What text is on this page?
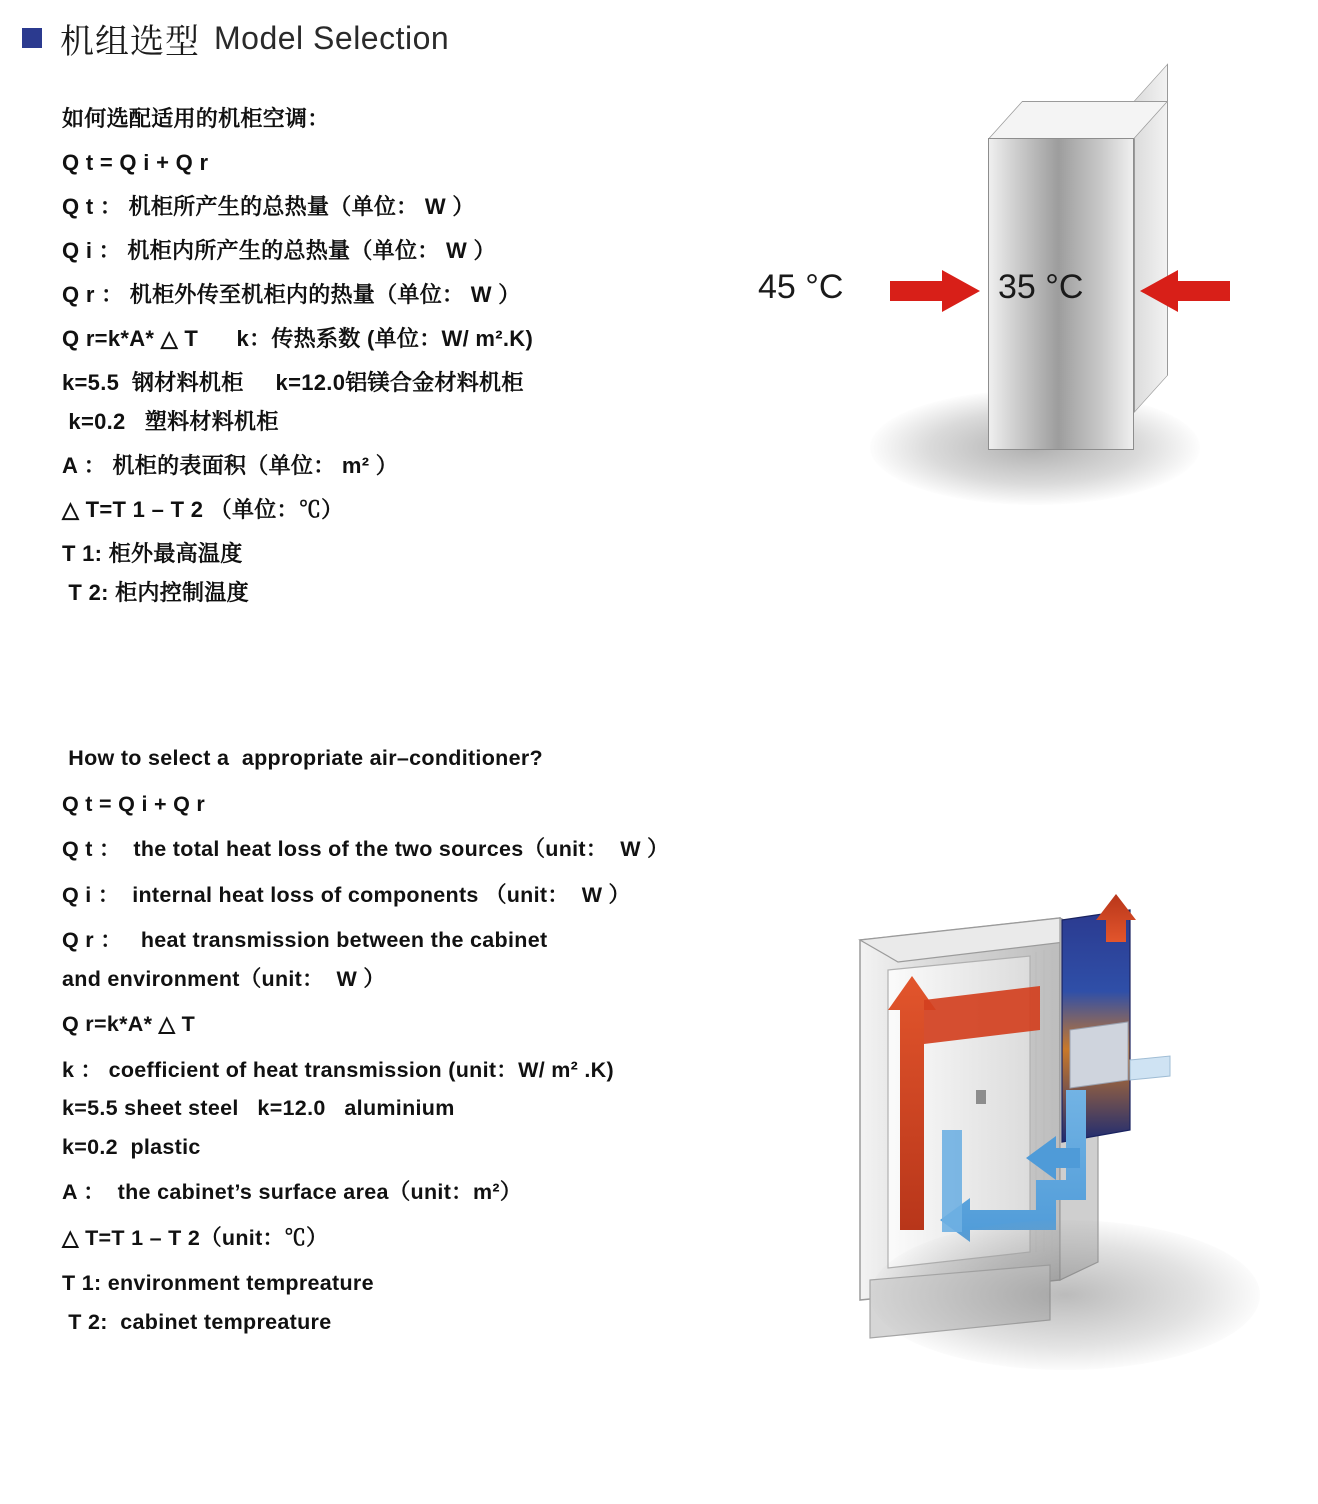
机组选型 Model Selection
如何选配适用的机柜空调：
Q t = Q i + Q r
Q t ： 机柜所产生的总热量（单位： W ）
Q i ： 机柜内所产生的总热量（单位： W ）
Q r ： 机柜外传至机柜内的热量（单位： W ）
Q r=k*A* △ T      k：传热系数 (单位：W/ m².K)
k=5.5  钢材料机柜     k=12.0铝镁合金材料机柜
k=0.2   塑料材料机柜
A ： 机柜的表面积（单位： m² ）
△ T=T 1 – T 2 （单位：℃）
T 1: 柜外最高温度
T 2: 柜内控制温度
How to select a  appropriate air–conditioner?
Q t = Q i + Q r
Q t ：  the total heat loss of the two sources（unit：  W ）
Q i ：  internal heat loss of components （unit：  W ）
Q r ：   heat transmission between the cabinet
and environment（unit：  W ）
Q r=k*A* △ T
k ： coefficient of heat transmission (unit：W/ m² .K)
k=5.5 sheet steel   k=12.0   aluminium
k=0.2  plastic
A ：  the cabinet’s surface area（unit：m²）
△ T=T 1 – T 2（unit：℃）
T 1: environment tempreature
T 2:  cabinet tempreature
45 °C	35 °C
